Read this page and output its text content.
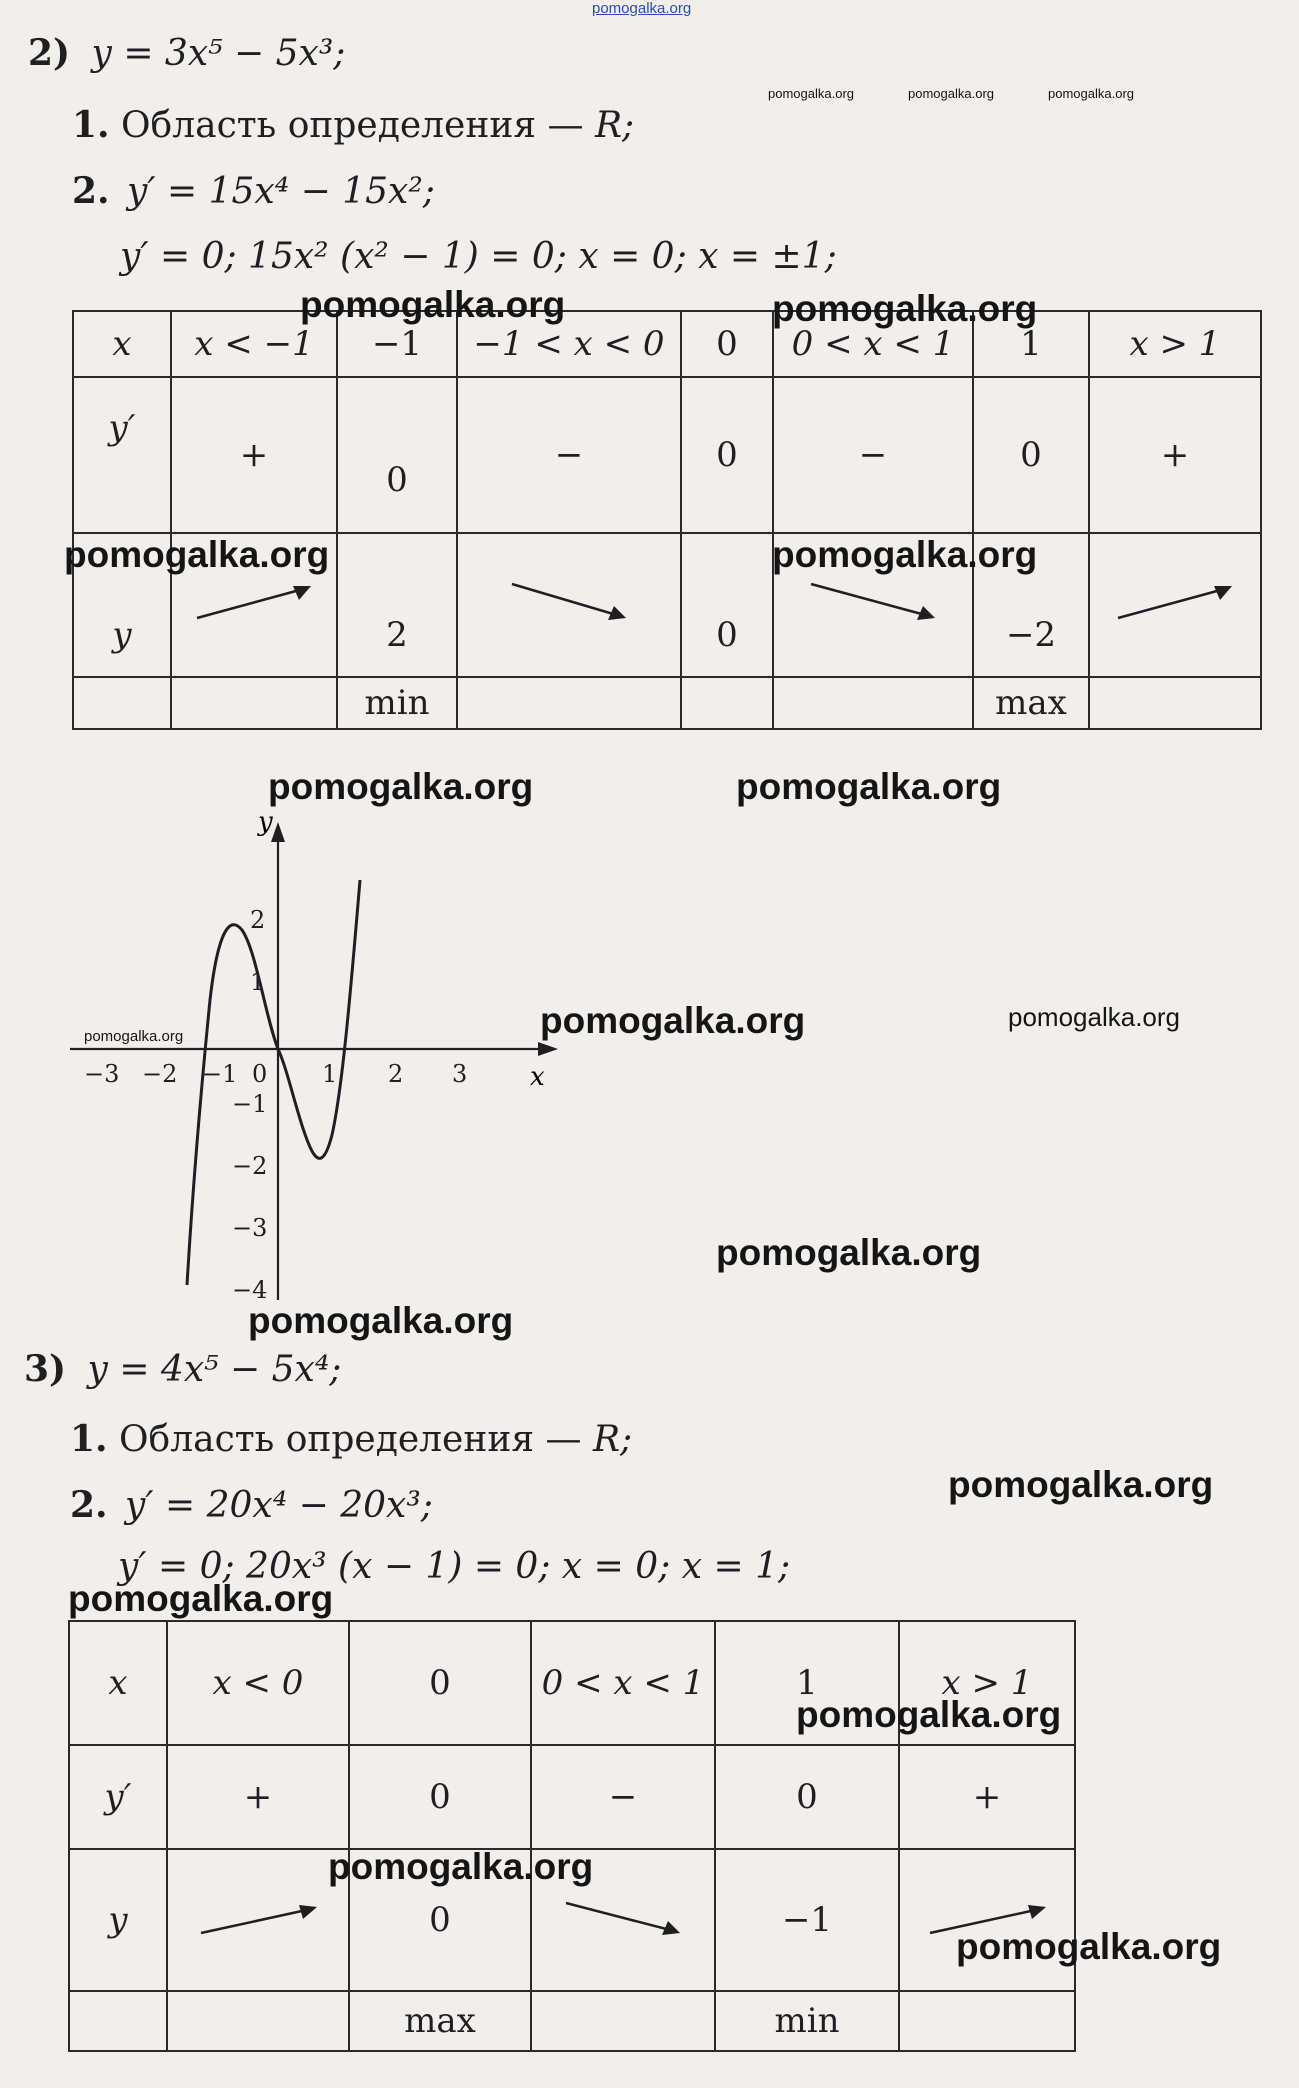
pomogalka.org
2) y = 3x⁵ − 5x³;
1. Область определения — R;
2. y′ = 15x⁴ − 15x²;
y′ = 0; 15x² (x² − 1) = 0; x = 0; x = ±1;
x	x < −1	−1	−1 < x < 0	0	0 < x < 1	1	x > 1
y′	+	0	−	0	−	0	+
y		2		0		−2	
		min				max	
y
x
−3 −2 −1 0 1 2 3
2
1
−1
−2
−3
−4
3) y = 4x⁵ − 5x⁴;
1. Область определения — R;
2. y′ = 20x⁴ − 20x³;
y′ = 0; 20x³ (x − 1) = 0; x = 0; x = 1;
x	x < 0	0	0 < x < 1	1	x > 1
y′	+	0	−	0	+
y		0		−1	
		max		min	
pomogalka.org	pomogalka.org	pomogalka.org
pomogalka.org	pomogalka.org
pomogalka.org	pomogalka.org
pomogalka.org	pomogalka.org
pomogalka.org	pomogalka.org	pomogalka.org
pomogalka.org
pomogalka.org
pomogalka.org
pomogalka.org
pomogalka.org
pomogalka.org
pomogalka.org
